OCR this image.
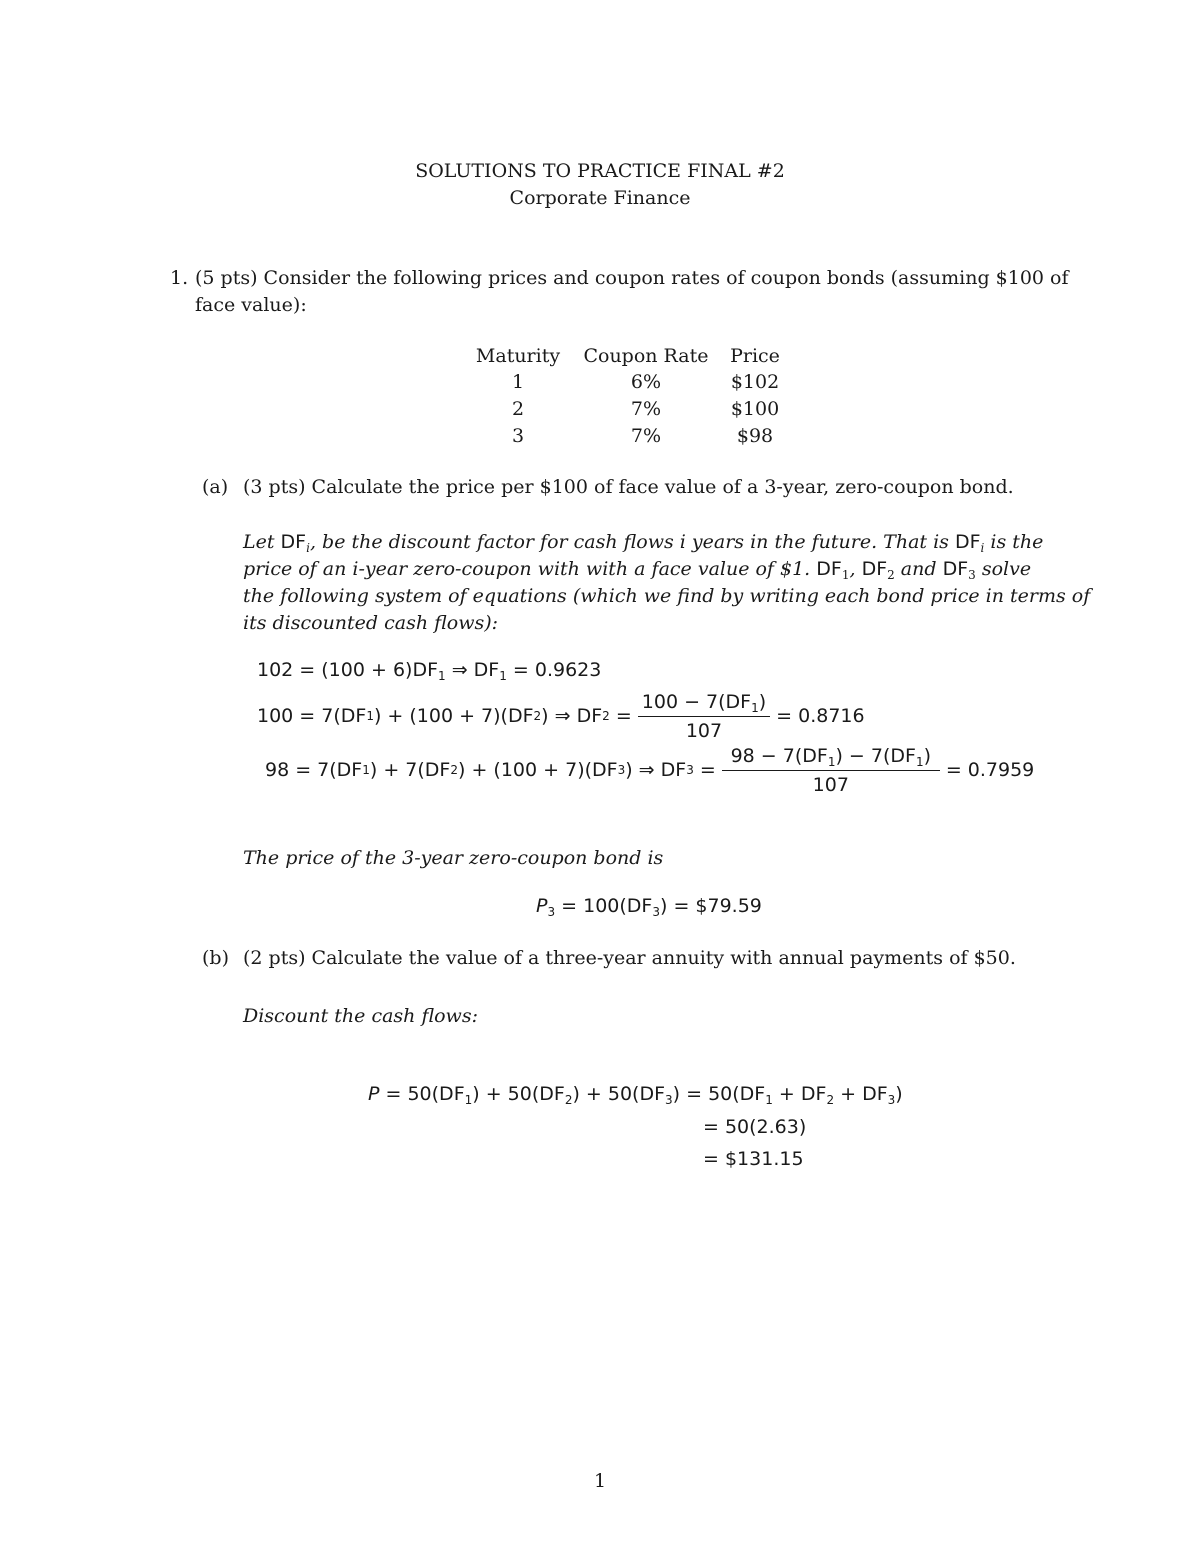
SOLUTIONS TO PRACTICE FINAL #2
Corporate Finance
1. (5 pts) Consider the following prices and coupon rates of coupon bonds (assuming $100 of
face value):
Maturity	Coupon Rate	Price
1	6%	$102
2	7%	$100
3	7%	$98
(a) (3 pts) Calculate the price per $100 of face value of a 3-year, zero-coupon bond.
Let $DF_i$, be the discount factor for cash flows i years in the future. That is $DF_i$ is the
price of an i-year zero-coupon with with a face value of $1. $DF_1$, $DF_2$ and $DF_3$ solve
the following system of equations (which we find by writing each bond price in terms of
its discounted cash flows):
$102 = (100 + 6)DF_1$ ⇒ $DF_1 = 0.9623$
100 = 7(DF 1 ) + (100 + 7)(DF 2 ) ⇒ DF $2 = \frac{100 - 7(DF_1)}{107} = 0.8716$
98 = 7(DF 1 ) + 7(DF 2 ) + (100 + 7)(DF 3 ) ⇒ DF $3 = \frac{98 - 7(DF_1) - 7(DF_1)}{107} = 0.7959$
The price of the 3-year zero-coupon bond is
$P_3 = 100(DF_3)$ = $79.59
(b) (2 pts) Calculate the value of a three-year annuity with annual payments of $50.
Discount the cash flows:
$P = 50(DF_1) + 50(DF_2) + 50(DF_3) = 50(DF_1 + DF_2 + DF_3)$
= 50(2.63)
= $131.15
1
